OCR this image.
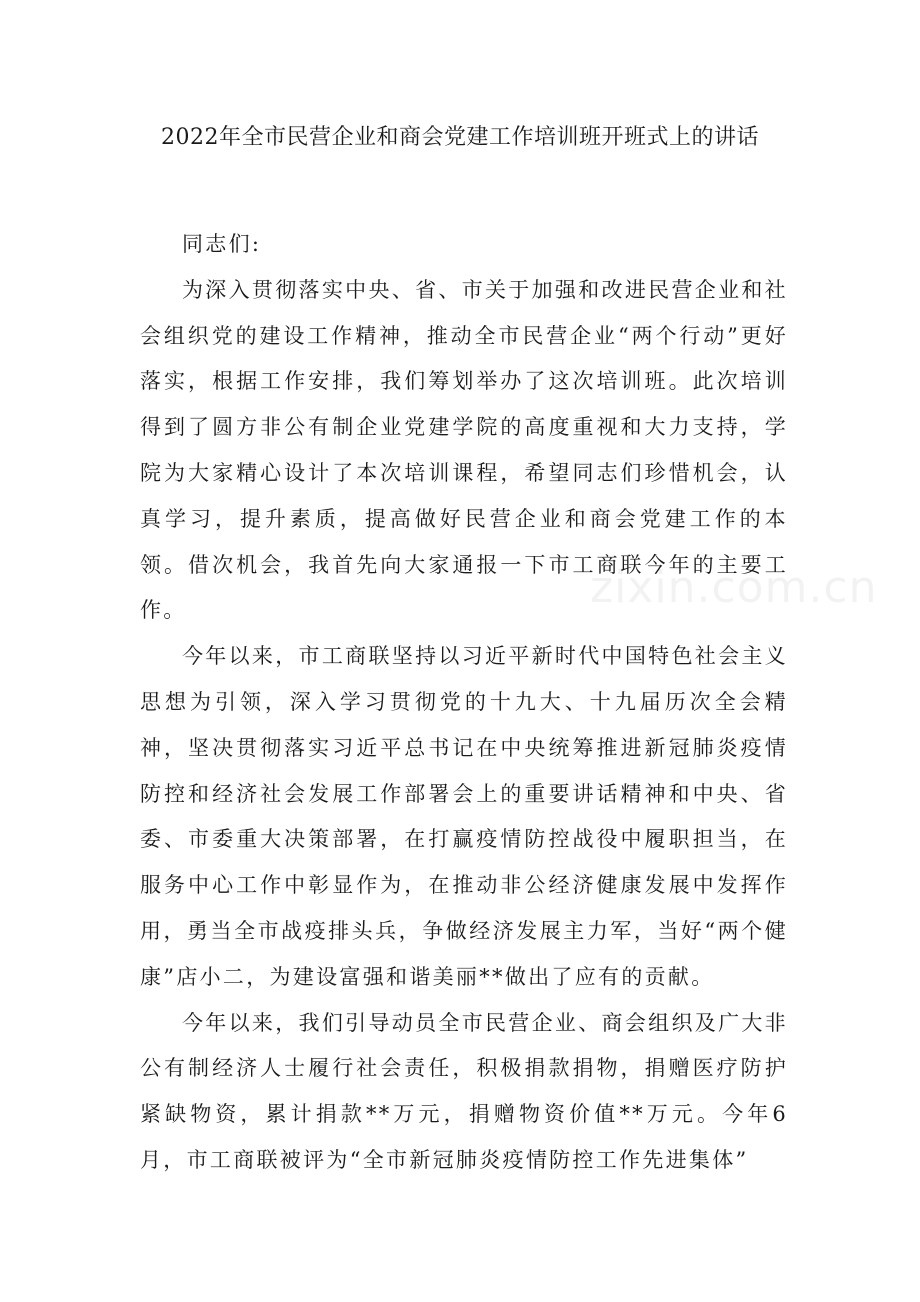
2022年全市民营企业和商会党建工作培训班开班式上的讲话

同志们:

为深入贯彻落实中央、省、市关于加强和改进民营企业和社会组织党的建设工作精神，推动全市民营企业“两个行动”更好落实，根据工作安排，我们筹划举办了这次培训班。此次培训得到了圆方非公有制企业党建学院的高度重视和大力支持，学院为大家精心设计了本次培训课程，希望同志们珍惜机会，认真学习，提升素质，提高做好民营企业和商会党建工作的本领。借次机会，我首先向大家通报一下市工商联今年的主要工作。

今年以来，市工商联坚持以习近平新时代中国特色社会主义思想为引领，深入学习贯彻党的十九大、十九届历次全会精神，坚决贯彻落实习近平总书记在中央统筹推进新冠肺炎疫情防控和经济社会发展工作部署会上的重要讲话精神和中央、省委、市委重大决策部署，在打赢疫情防控战役中履职担当，在服务中心工作中彰显作为，在推动非公经济健康发展中发挥作用，勇当全市战疫排头兵，争做经济发展主力军，当好“两个健康”店小二，为建设富强和谐美丽**做出了应有的贡献。

今年以来，我们引导动员全市民营企业、商会组织及广大非公有制经济人士履行社会责任，积极捐款捐物，捐赠医疗防护紧缺物资，累计捐款**万元，捐赠物资价值**万元。今年6月，市工商联被评为“全市新冠肺炎疫情防控工作先进集体”

zixin.com.cn
